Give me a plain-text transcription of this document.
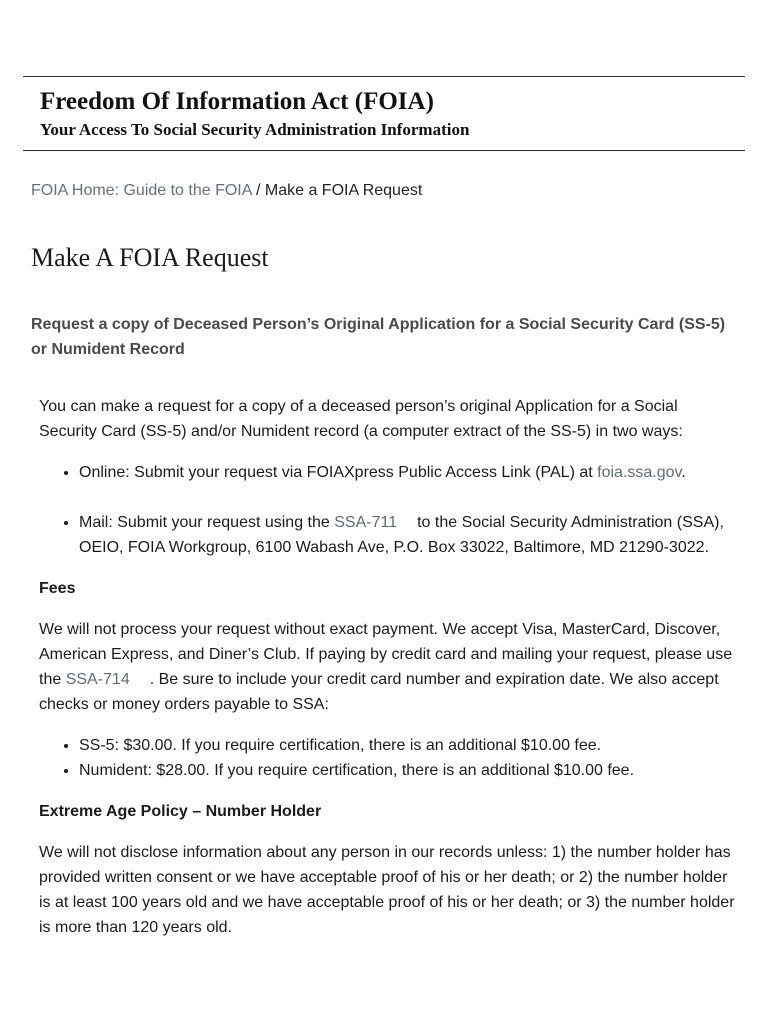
Freedom Of Information Act (FOIA)

Your Access To Social Security Administration Information

FOIA Home: Guide to the FOIA / Make a FOIA Request
Make A FOIA Request

Request a copy of Deceased Person’s Original Application for a Social Security Card (SS-5) or Numident Record

You can make a request for a copy of a deceased person’s original Application for a Social Security Card (SS-5) and/or Numident record (a computer extract of the SS-5) in two ways:

• Online: Submit your request via FOIAXpress Public Access Link (PAL) at foia.ssa.gov.
• Mail: Submit your request using the SSA-711 to the Social Security Administration (SSA), OEIO, FOIA Workgroup, 6100 Wabash Ave, P.O. Box 33022, Baltimore, MD 21290-3022.
Fees

We will not process your request without exact payment. We accept Visa, MasterCard, Discover, American Express, and Diner’s Club. If paying by credit card and mailing your request, please use the SSA-714 . Be sure to include your credit card number and expiration date. We also accept checks or money orders payable to SSA:

• SS-5: $30.00. If you require certification, there is an additional $10.00 fee.
• Numident: $28.00. If you require certification, there is an additional $10.00 fee.
Extreme Age Policy – Number Holder

We will not disclose information about any person in our records unless: 1) the number holder has provided written consent or we have acceptable proof of his or her death; or 2) the number holder is at least 100 years old and we have acceptable proof of his or her death; or 3) the number holder is more than 120 years old.
